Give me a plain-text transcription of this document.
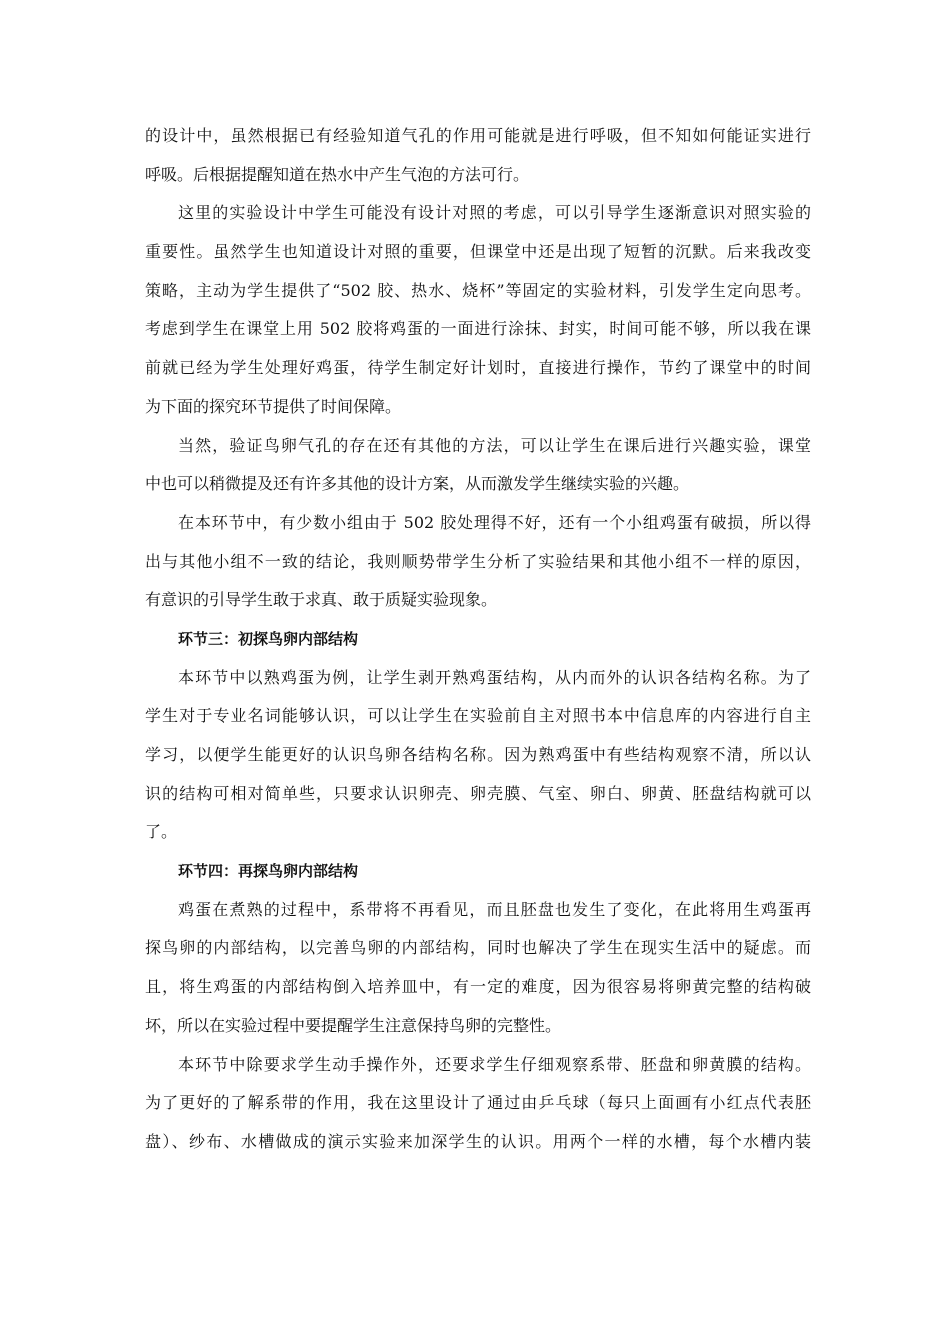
的设计中，虽然根据已有经验知道气孔的作用可能就是进行呼吸，但不知如何能证实进行
呼吸。后根据提醒知道在热水中产生气泡的方法可行。
这里的实验设计中学生可能没有设计对照的考虑，可以引导学生逐渐意识对照实验的
重要性。虽然学生也知道设计对照的重要，但课堂中还是出现了短暂的沉默。后来我改变
策略，主动为学生提供了“502 胶、热水、烧杯”等固定的实验材料，引发学生定向思考。
考虑到学生在课堂上用 502 胶将鸡蛋的一面进行涂抹、封实，时间可能不够，所以我在课
前就已经为学生处理好鸡蛋，待学生制定好计划时，直接进行操作，节约了课堂中的时间
为下面的探究环节提供了时间保障。
当然，验证鸟卵气孔的存在还有其他的方法，可以让学生在课后进行兴趣实验，课堂
中也可以稍微提及还有许多其他的设计方案，从而激发学生继续实验的兴趣。
在本环节中，有少数小组由于 502 胶处理得不好，还有一个小组鸡蛋有破损，所以得
出与其他小组不一致的结论，我则顺势带学生分析了实验结果和其他小组不一样的原因，
有意识的引导学生敢于求真、敢于质疑实验现象。
环节三：初探鸟卵内部结构
本环节中以熟鸡蛋为例，让学生剥开熟鸡蛋结构，从内而外的认识各结构名称。为了
学生对于专业名词能够认识，可以让学生在实验前自主对照书本中信息库的内容进行自主
学习，以便学生能更好的认识鸟卵各结构名称。因为熟鸡蛋中有些结构观察不清，所以认
识的结构可相对简单些，只要求认识卵壳、卵壳膜、气室、卵白、卵黄、胚盘结构就可以
了。
环节四：再探鸟卵内部结构
鸡蛋在煮熟的过程中，系带将不再看见，而且胚盘也发生了变化，在此将用生鸡蛋再
探鸟卵的内部结构，以完善鸟卵的内部结构，同时也解决了学生在现实生活中的疑虑。而
且，将生鸡蛋的内部结构倒入培养皿中，有一定的难度，因为很容易将卵黄完整的结构破
坏，所以在实验过程中要提醒学生注意保持鸟卵的完整性。
本环节中除要求学生动手操作外，还要求学生仔细观察系带、胚盘和卵黄膜的结构。
为了更好的了解系带的作用，我在这里设计了通过由乒乓球（每只上面画有小红点代表胚
盘）、纱布、水槽做成的演示实验来加深学生的认识。用两个一样的水槽，每个水槽内装
